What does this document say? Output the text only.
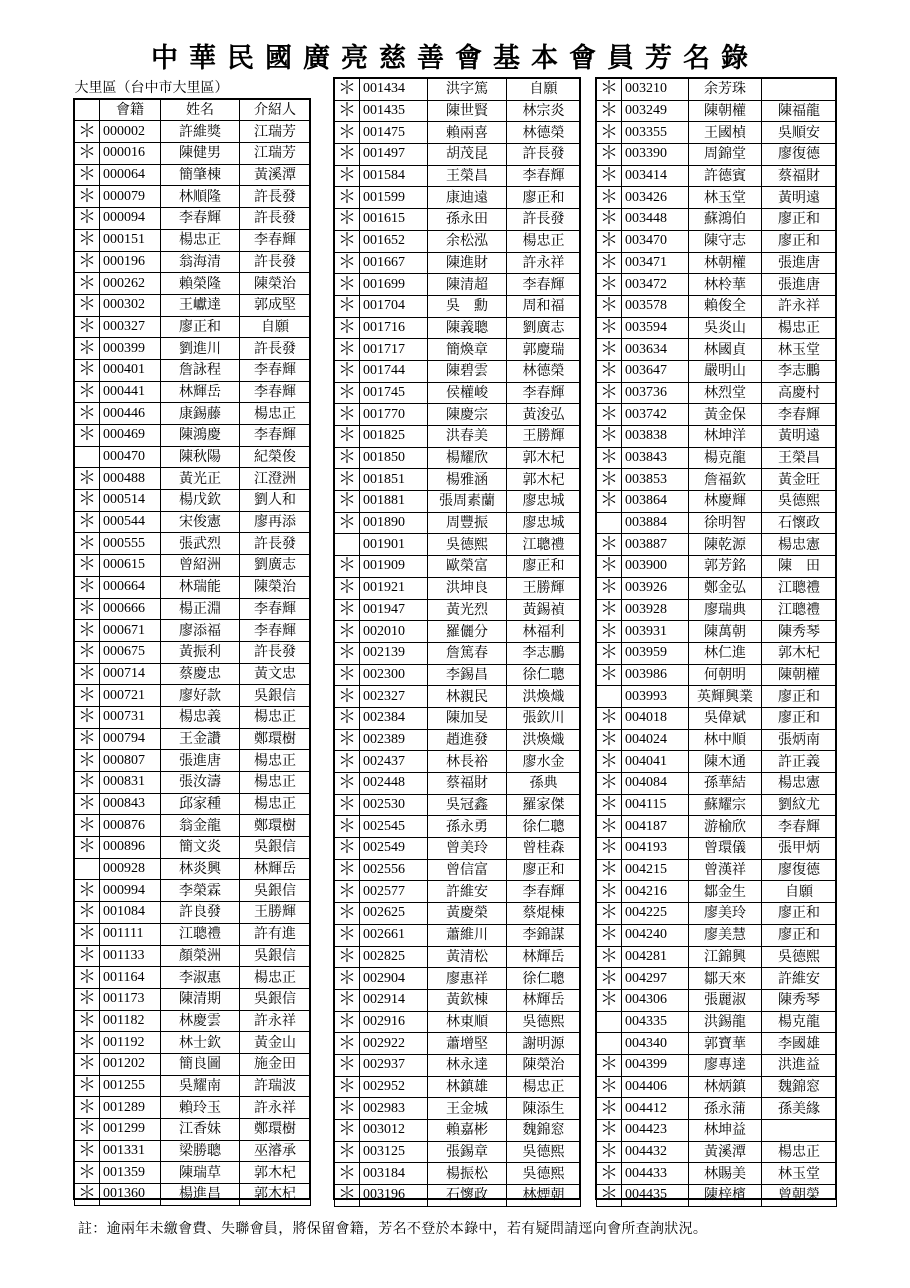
中華民國廣亮慈善會基本會員芳名錄
大里區（台中市大里區）			
	會籍	姓名	介紹人
＊	000002	許維獎	江瑞芳
＊	000016	陳健男	江瑞芳
＊	000064	簡肇棟	黃溪潭
＊	000079	林順隆	許長發
＊	000094	李春輝	許長發
＊	000151	楊忠正	李春輝
＊	000196	翁海清	許長發
＊	000262	賴榮隆	陳榮治
＊	000302	王巘達	郭成堅
＊	000327	廖正和	自願
＊	000399	劉進川	許長發
＊	000401	詹詠程	李春輝
＊	000441	林輝岳	李春輝
＊	000446	康錫藤	楊忠正
＊	000469	陳鴻慶	李春輝
	000470	陳秋陽	紀榮俊
＊	000488	黃光正	江澄洲
＊	000514	楊戊欽	劉人和
＊	000544	宋俊憲	廖再添
＊	000555	張武烈	許長發
＊	000615	曾紹洲	劉廣志
＊	000664	林瑞能	陳榮治
＊	000666	楊正淵	李春輝
＊	000671	廖添福	李春輝
＊	000675	黃振利	許長發
＊	000714	蔡慶忠	黃文忠
＊	000721	廖好款	吳銀信
＊	000731	楊忠義	楊忠正
＊	000794	王金讚	鄭環樹
＊	000807	張進唐	楊忠正
＊	000831	張汝濤	楊忠正
＊	000843	邱家種	楊忠正
＊	000876	翁金龍	鄭環樹
＊	000896	簡文炎	吳銀信
	000928	林炎興	林輝岳
＊	000994	李榮霖	吳銀信
＊	001084	許良發	王勝輝
＊	001111	江聰禮	許有進
＊	001133	顏榮洲	吳銀信
＊	001164	李淑惠	楊忠正
＊	001173	陳清期	吳銀信
＊	001182	林慶雲	許永祥
＊	001192	林士欽	黃金山
＊	001202	簡良圖	施金田
＊	001255	吳耀南	許瑞波
＊	001289	賴玲玉	許永祥
＊	001299	江香妹	鄭環樹
＊	001331	梁勝聰	巫濬承
＊	001359	陳瑞草	郭木杞
＊	001360	楊進昌	郭木杞
＊	001434	洪字篤	自願
＊	001435	陳世賢	林宗炎
＊	001475	賴兩喜	林德榮
＊	001497	胡茂昆	許長發
＊	001584	王榮昌	李春輝
＊	001599	康迪遠	廖正和
＊	001615	孫永田	許長發
＊	001652	余松泓	楊忠正
＊	001667	陳進財	許永祥
＊	001699	陳清超	李春輝
＊	001704	吳　勳	周和福
＊	001716	陳義聰	劉廣志
＊	001717	簡煥章	郭慶瑞
＊	001744	陳碧雲	林德榮
＊	001745	侯權峻	李春輝
＊	001770	陳慶宗	黃浚弘
＊	001825	洪春美	王勝輝
＊	001850	楊耀欣	郭木杞
＊	001851	楊雅涵	郭木杞
＊	001881	張周素蘭	廖忠城
＊	001890	周豐振	廖忠城
	001901	吳德熙	江聰禮
＊	001909	歐榮富	廖正和
＊	001921	洪坤良	王勝輝
＊	001947	黃光烈	黃錫禎
＊	002010	羅儷分	林福利
＊	002139	詹篤春	李志鵬
＊	002300	李錫昌	徐仁聰
＊	002327	林親民	洪煥熾
＊	002384	陳加旻	張欽川
＊	002389	趙進發	洪煥熾
＊	002437	林長裕	廖水金
＊	002448	蔡福財	孫典
＊	002530	吳冠鑫	羅家傑
＊	002545	孫永勇	徐仁聰
＊	002549	曾美玲	曾桂森
＊	002556	曾信富	廖正和
＊	002577	許維安	李春輝
＊	002625	黃慶榮	蔡焜棟
＊	002661	蕭維川	李錦謀
＊	002825	黃清松	林輝岳
＊	002904	廖惠祥	徐仁聰
＊	002914	黃欽棟	林輝岳
＊	002916	林東順	吳德熙
＊	002922	蕭增堅	謝明源
＊	002937	林永達	陳榮治
＊	002952	林鎮雄	楊忠正
＊	002983	王金城	陳添生
＊	003012	賴嘉彬	魏錦窓
＊	003125	張錫章	吳德熙
＊	003184	楊振松	吳德熙
＊	003196	石懷政	林煙朝
＊	003210	余芳珠	
＊	003249	陳朝權	陳福龍
＊	003355	王國楨	吳順安
＊	003390	周錦堂	廖復德
＊	003414	許德賓	蔡福財
＊	003426	林玉堂	黃明遠
＊	003448	蘇鴻伯	廖正和
＊	003470	陳守志	廖正和
＊	003471	林朝權	張進唐
＊	003472	林柃華	張進唐
＊	003578	賴俊全	許永祥
＊	003594	吳炎山	楊忠正
＊	003634	林國貞	林玉堂
＊	003647	嚴明山	李志鵬
＊	003736	林烈堂	高慶村
＊	003742	黃金保	李春輝
＊	003838	林坤洋	黃明遠
＊	003843	楊克龍	王榮昌
＊	003853	詹福欽	黃金旺
＊	003864	林慶輝	吳德熙
	003884	徐明智	石懷政
＊	003887	陳乾源	楊忠憲
＊	003900	郭芳銘	陳　田
＊	003926	鄭金弘	江聰禮
＊	003928	廖瑞典	江聰禮
＊	003931	陳萬朝	陳秀琴
＊	003959	林仁進	郭木杞
＊	003986	何朝明	陳朝權
	003993	英輝興業	廖正和
＊	004018	吳偉斌	廖正和
＊	004024	林中順	張炳南
＊	004041	陳木通	許正義
＊	004084	孫華結	楊忠憲
＊	004115	蘇耀宗	劉紋尤
＊	004187	游榆欣	李春輝
＊	004193	曾環儀	張甲炳
＊	004215	曾漢祥	廖復德
＊	004216	鄒金生	自願
＊	004225	廖美玲	廖正和
＊	004240	廖美慧	廖正和
＊	004281	江錦興	吳德熙
＊	004297	鄒天來	許維安
＊	004306	張麗淑	陳秀琴
	004335	洪錫龍	楊克龍
	004340	郭寶華	李國雄
＊	004399	廖專達	洪進益
＊	004406	林炳鎮	魏錦窓
＊	004412	孫永蒲	孫美緣
＊	004423	林坤益	
＊	004432	黃溪潭	楊忠正
＊	004433	林賜美	林玉堂
＊	004435	陳梓檳	曾朝榮
註：逾兩年未繳會費、失聯會員，將保留會籍，芳名不登於本錄中，若有疑問請逕向會所查詢狀況。
